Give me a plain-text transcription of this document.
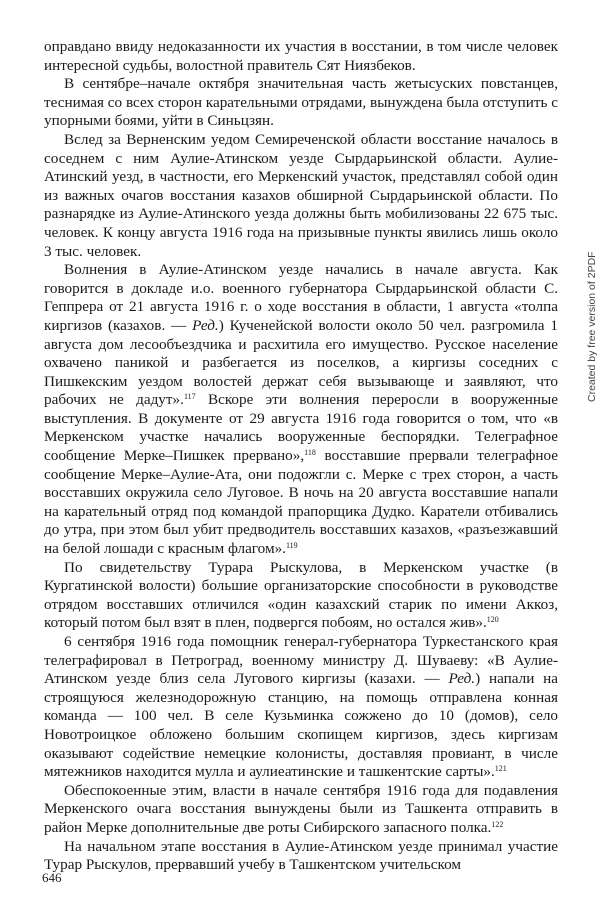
оправдано ввиду недоказанности их участия в восстании, в том числе человек интересной судьбы, волостной правитель Сят Ниязбеков.

В сентябре–начале октября значительная часть жетысуских повстанцев, теснимая со всех сторон карательными отрядами, вынуждена была отступить с упорными боями, уйти в Синьцзян.

Вслед за Верненским уедом Семиреченской области восстание началось в соседнем с ним Аулие-Атинском уезде Сырдарьинской области. Аулие-Атинский уезд, в частности, его Меркенский участок, представлял собой один из важных очагов восстания казахов обширной Сырдарьинской области. По разнарядке из Аулие-Атинского уезда должны быть мобилизованы 22 675 тыс. человек. К концу августа 1916 года на призывные пункты явились лишь около 3 тыс. человек.

Волнения в Аулие-Атинском уезде начались в начале августа. Как говорится в докладе и.о. военного губернатора Сырдарьинской области С. Геппрера от 21 августа 1916 г. о ходе восстания в области, 1 августа «толпа киргизов (казахов. — Ред.) Кученейской волости около 50 чел. разгромила 1 августа дом лесообъездчика и расхитила его имущество. Русское население охвачено паникой и разбегается из поселков, а киргизы соседних с Пишкекским уездом волостей держат себя вызывающе и заявляют, что рабочих не дадут».$^{117}$ Вскоре эти волнения переросли в вооруженные выступления. В документе от 29 августа 1916 года говорится о том, что «в Меркенском участке начались вооруженные беспорядки. Телеграфное сообщение Мерке–Пишкек прервано»,$^{118}$ восставшие прервали телеграфное сообщение Мерке–Аулие-Ата, они подожгли с. Мерке с трех сторон, а часть восставших окружила село Луговое. В ночь на 20 августа восставшие напали на карательный отряд под командой прапорщика Дудко. Каратели отбивались до утра, при этом был убит предводитель восставших казахов, «разъезжавший на белой лошади с красным флагом».$^{119}$

По свидетельству Турара Рыскулова, в Меркенском участке (в Кургатинской волости) большие организаторские способности в руководстве отрядом восставших отличился «один казахский старик по имени Аккоз, который потом был взят в плен, подвергся побоям, но остался жив».$^{120}$

6 сентября 1916 года помощник генерал-губернатора Туркестанского края телеграфировал в Петроград, военному министру Д. Шуваеву: «В Аулие-Атинском уезде близ села Лугового киргизы (казахи. — Ред.) напали на строящуюся железнодорожную станцию, на помощь отправлена конная команда — 100 чел. В селе Кузьминка сожжено до 10 (домов), село Новотроицкое обложено большим скопищем киргизов, здесь киргизам оказывают содействие немецкие колонисты, доставляя провиант, в числе мятежников находится мулла и аулиеатинские и ташкентские сарты».$^{121}$

Обеспокоенные этим, власти в начале сентября 1916 года для подавления Меркенского очага восстания вынуждены были из Ташкента отправить в район Мерке дополнительные две роты Сибирского запасного полка.$^{122}$

На начальном этапе восстания в Аулие-Атинском уезде принимал участие Турар Рыскулов, прервавший учебу в Ташкентском учительском

646
Created by free version of 2PDF
